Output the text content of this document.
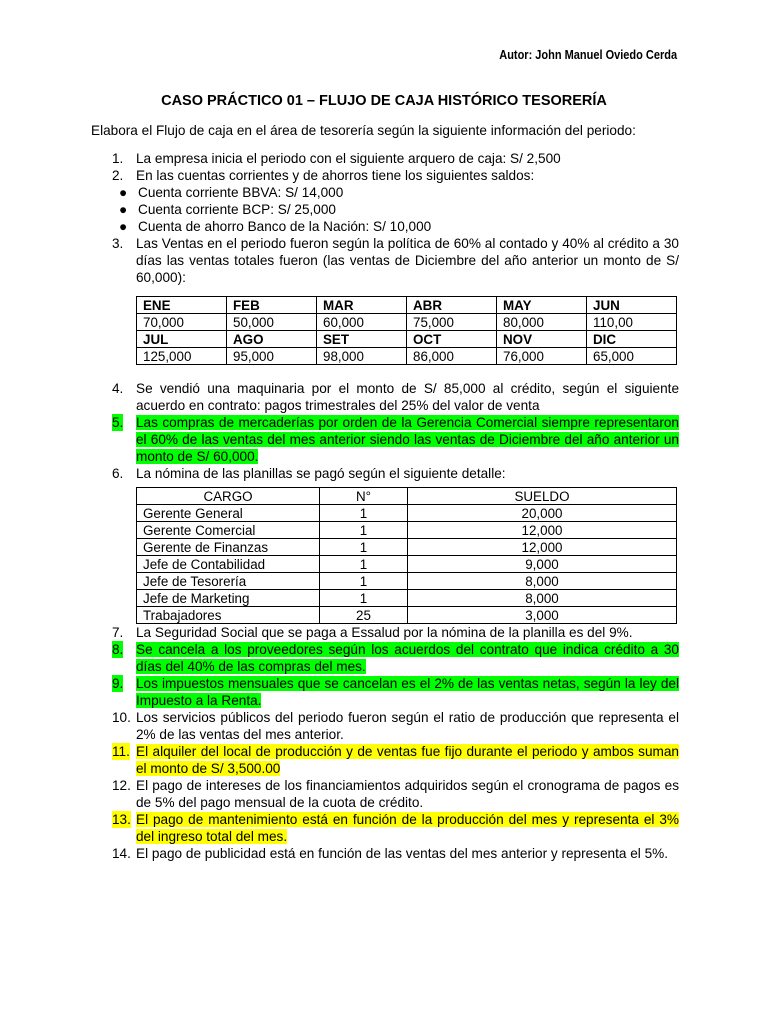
Autor: John Manuel Oviedo Cerda
CASO PRÁCTICO 01 – FLUJO DE CAJA HISTÓRICO TESORERÍA
Elabora el Flujo de caja en el área de tesorería según la siguiente información del periodo:
1. La empresa inicia el periodo con el siguiente arquero de caja: S/ 2,500
2. En las cuentas corrientes y de ahorros tiene los siguientes saldos:
● Cuenta corriente BBVA: S/ 14,000
● Cuenta corriente BCP: S/ 25,000
● Cuenta de ahorro Banco de la Nación: S/ 10,000
3. Las Ventas en el periodo fueron según la política de 60% al contado y 40% al crédito a 30 días las ventas totales fueron (las ventas de Diciembre del año anterior un monto de S/ 60,000):
ENE	FEB	MAR	ABR	MAY	JUN
70,000	50,000	60,000	75,000	80,000	110,00
JUL	AGO	SET	OCT	NOV	DIC
125,000	95,000	98,000	86,000	76,000	65,000
4. Se vendió una maquinaria por el monto de S/ 85,000 al crédito, según el siguiente acuerdo en contrato: pagos trimestrales del 25% del valor de venta
5. Las compras de mercaderías por orden de la Gerencia Comercial siempre representaron el 60% de las ventas del mes anterior siendo las ventas de Diciembre del año anterior un monto de S/ 60,000.
6. La nómina de las planillas se pagó según el siguiente detalle:
CARGO	N°	SUELDO
Gerente General	1	20,000
Gerente Comercial	1	12,000
Gerente de Finanzas	1	12,000
Jefe de Contabilidad	1	9,000
Jefe de Tesorería	1	8,000
Jefe de Marketing	1	8,000
Trabajadores	25	3,000
7. La Seguridad Social que se paga a Essalud por la nómina de la planilla es del 9%.
8. Se cancela a los proveedores según los acuerdos del contrato que indica crédito a 30 días del 40% de las compras del mes.
9. Los impuestos mensuales que se cancelan es el 2% de las ventas netas, según la ley del Impuesto a la Renta.
10. Los servicios públicos del periodo fueron según el ratio de producción que representa el 2% de las ventas del mes anterior.
11. El alquiler del local de producción y de ventas fue fijo durante el periodo y ambos suman el monto de S/ 3,500.00
12. El pago de intereses de los financiamientos adquiridos según el cronograma de pagos es de 5% del pago mensual de la cuota de crédito.
13. El pago de mantenimiento está en función de la producción del mes y representa el 3% del ingreso total del mes.
14. El pago de publicidad está en función de las ventas del mes anterior y representa el 5%.
